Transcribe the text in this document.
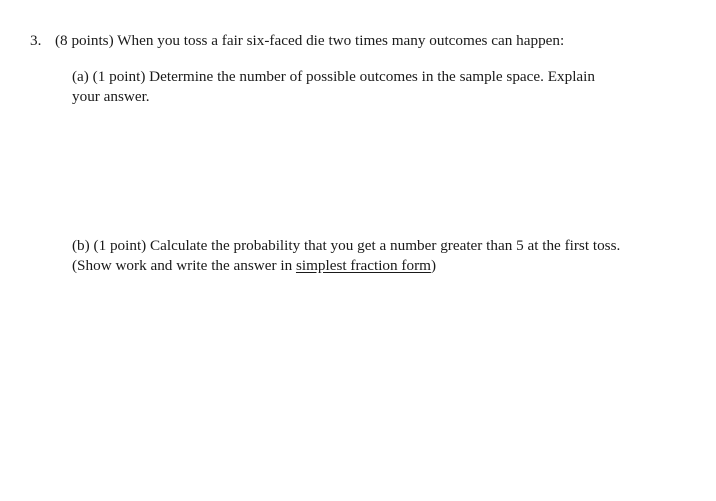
3. (8 points) When you toss a fair six-faced die two times many outcomes can happen:
(a) (1 point) Determine the number of possible outcomes in the sample space. Explain
your answer.
(b) (1 point) Calculate the probability that you get a number greater than 5 at the first toss.
(Show work and write the answer in simplest fraction form)
